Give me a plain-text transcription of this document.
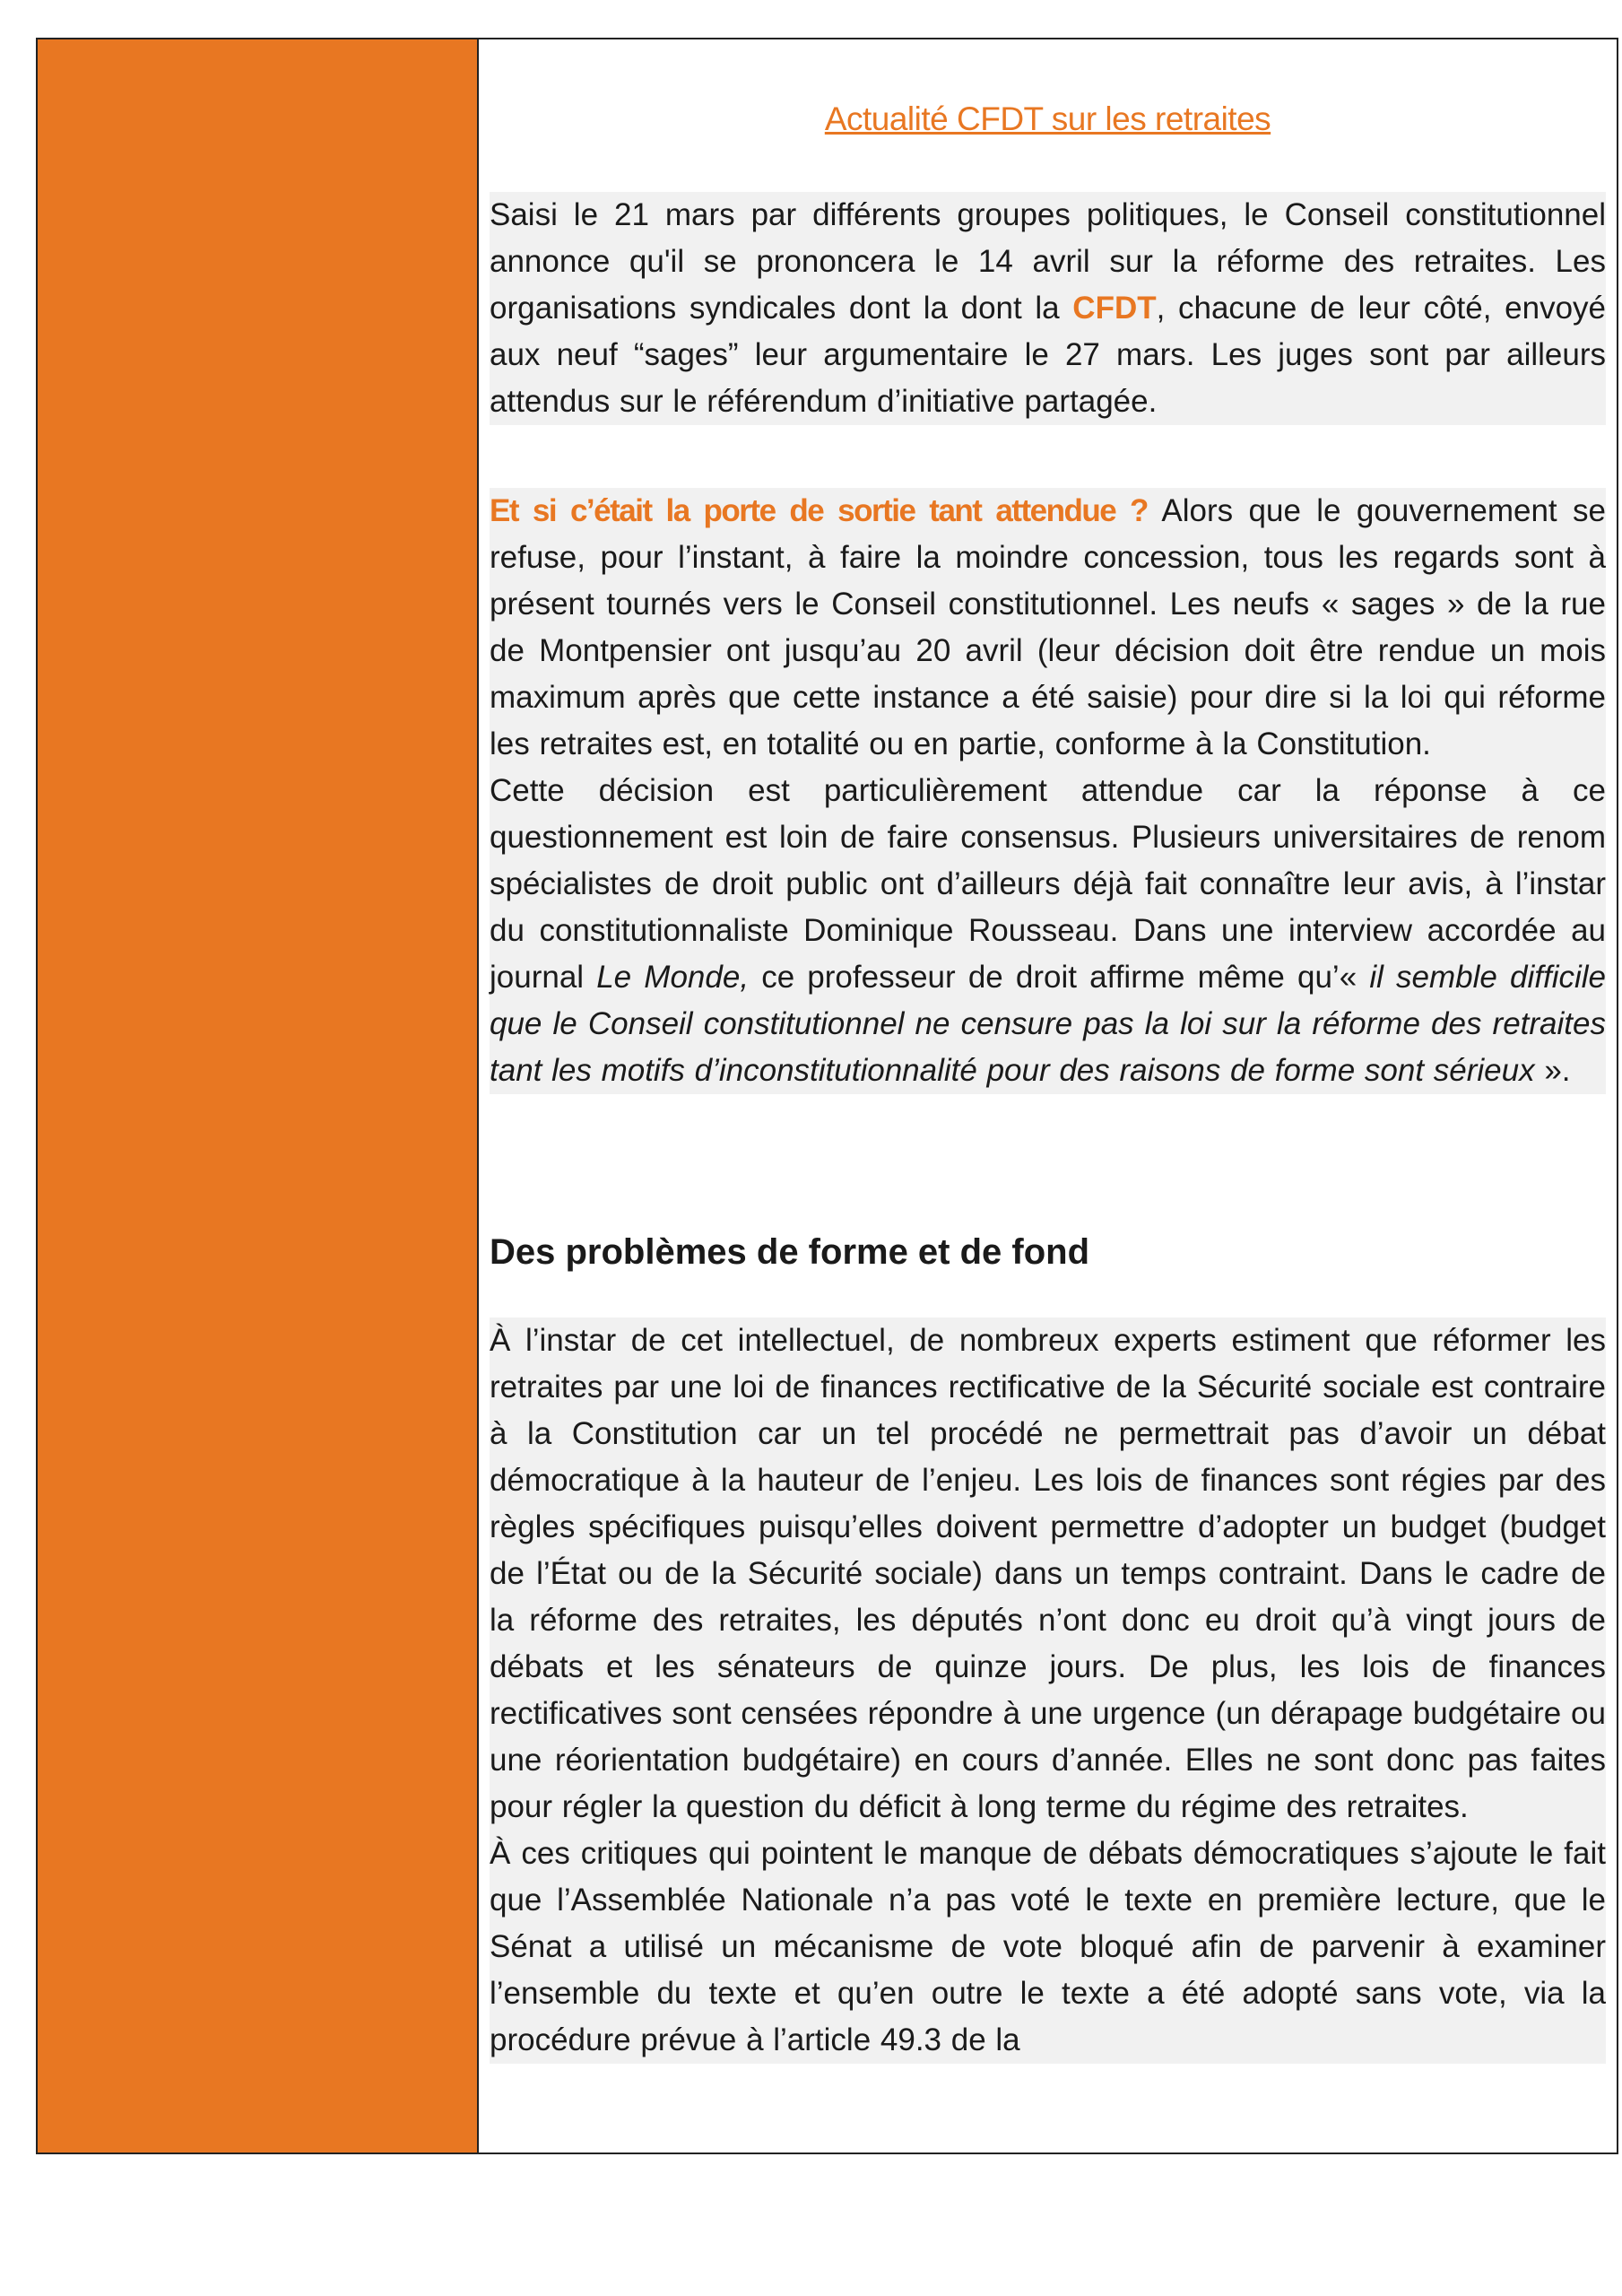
Actualité CFDT sur les retraites

Saisi le 21 mars par différents groupes politiques, le Conseil constitutionnel annonce qu'il se prononcera le 14 avril sur la réforme des retraites. Les organisations syndicales dont la dont la CFDT, chacune de leur côté, envoyé aux neuf “sages” leur argumentaire le 27 mars. Les juges sont par ailleurs attendus sur le référendum d’initiative partagée.

Et si c’était la porte de sortie tant attendue ? Alors que le gouvernement se refuse, pour l’instant, à faire la moindre concession, tous les regards sont à présent tournés vers le Conseil constitutionnel. Les neufs « sages » de la rue de Montpensier ont jusqu’au 20 avril (leur décision doit être rendue un mois maximum après que cette instance a été saisie) pour dire si la loi qui réforme les retraites est, en totalité ou en partie, conforme à la Constitution.

Cette décision est particulièrement attendue car la réponse à ce questionnement est loin de faire consensus. Plusieurs universitaires de renom spécialistes de droit public ont d’ailleurs déjà fait connaître leur avis, à l’instar du constitutionnaliste Dominique Rousseau. Dans une interview accordée au journal Le Monde, ce professeur de droit affirme même qu’« il semble difficile que le Conseil constitutionnel ne censure pas la loi sur la réforme des retraites tant les motifs d’inconstitutionnalité pour des raisons de forme sont sérieux ».

Des problèmes de forme et de fond

À l’instar de cet intellectuel, de nombreux experts estiment que réformer les retraites par une loi de finances rectificative de la Sécurité sociale est contraire à la Constitution car un tel procédé ne permettrait pas d’avoir un débat démocratique à la hauteur de l’enjeu. Les lois de finances sont régies par des règles spécifiques puisqu’elles doivent permettre d’adopter un budget (budget de l’État ou de la Sécurité sociale) dans un temps contraint. Dans le cadre de la réforme des retraites, les députés n’ont donc eu droit qu’à vingt jours de débats et les sénateurs de quinze jours. De plus, les lois de finances rectificatives sont censées répondre à une urgence (un dérapage budgétaire ou une réorientation budgétaire) en cours d’année. Elles ne sont donc pas faites pour régler la question du déficit à long terme du régime des retraites.

À ces critiques qui pointent le manque de débats démocratiques s’ajoute le fait que l’Assemblée Nationale n’a pas voté le texte en première lecture, que le Sénat a utilisé un mécanisme de vote bloqué afin de parvenir à examiner l’ensemble du texte et qu’en outre le texte a été adopté sans vote, via la procédure prévue à l’article 49.3 de la
